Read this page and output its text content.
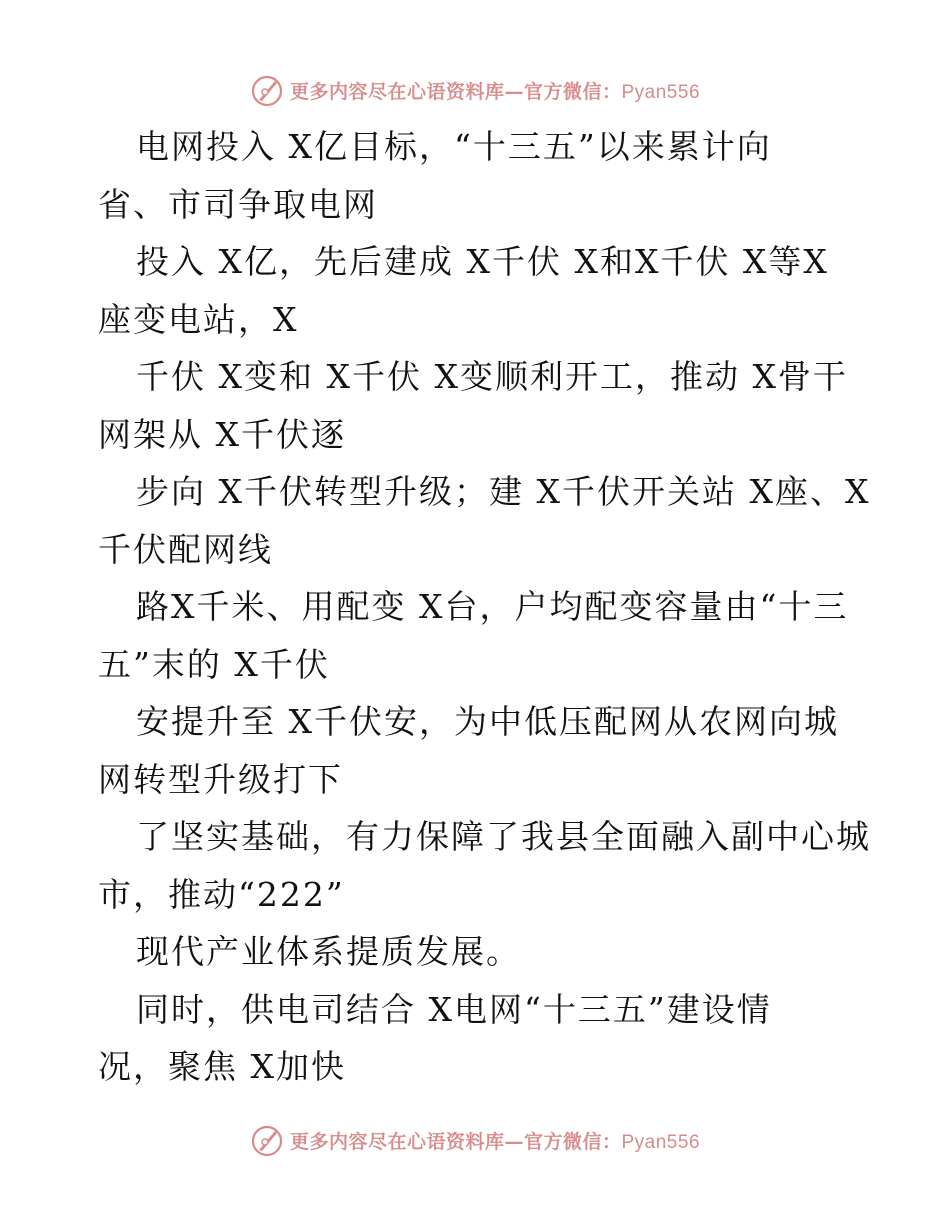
更多内容尽在心语资料库—官方微信：Pyan556
电网投入 X亿目标，“十三五”以来累计向
省、市司争取电网
投入 X亿，先后建成 X千伏 X和X千伏 X等X
座变电站，X
千伏 X变和 X千伏 X变顺利开工，推动 X骨干
网架从 X千伏逐
步向 X千伏转型升级；建 X千伏开关站 X座、X
千伏配网线
路X千米、用配变 X台，户均配变容量由“十三
五”末的 X千伏
安提升至 X千伏安，为中低压配网从农网向城
网转型升级打下
了坚实基础，有力保障了我县全面融入副中心城
市，推动“222”
现代产业体系提质发展。
同时，供电司结合 X电网“十三五”建设情
况，聚焦 X加快
更多内容尽在心语资料库—官方微信：Pyan556
